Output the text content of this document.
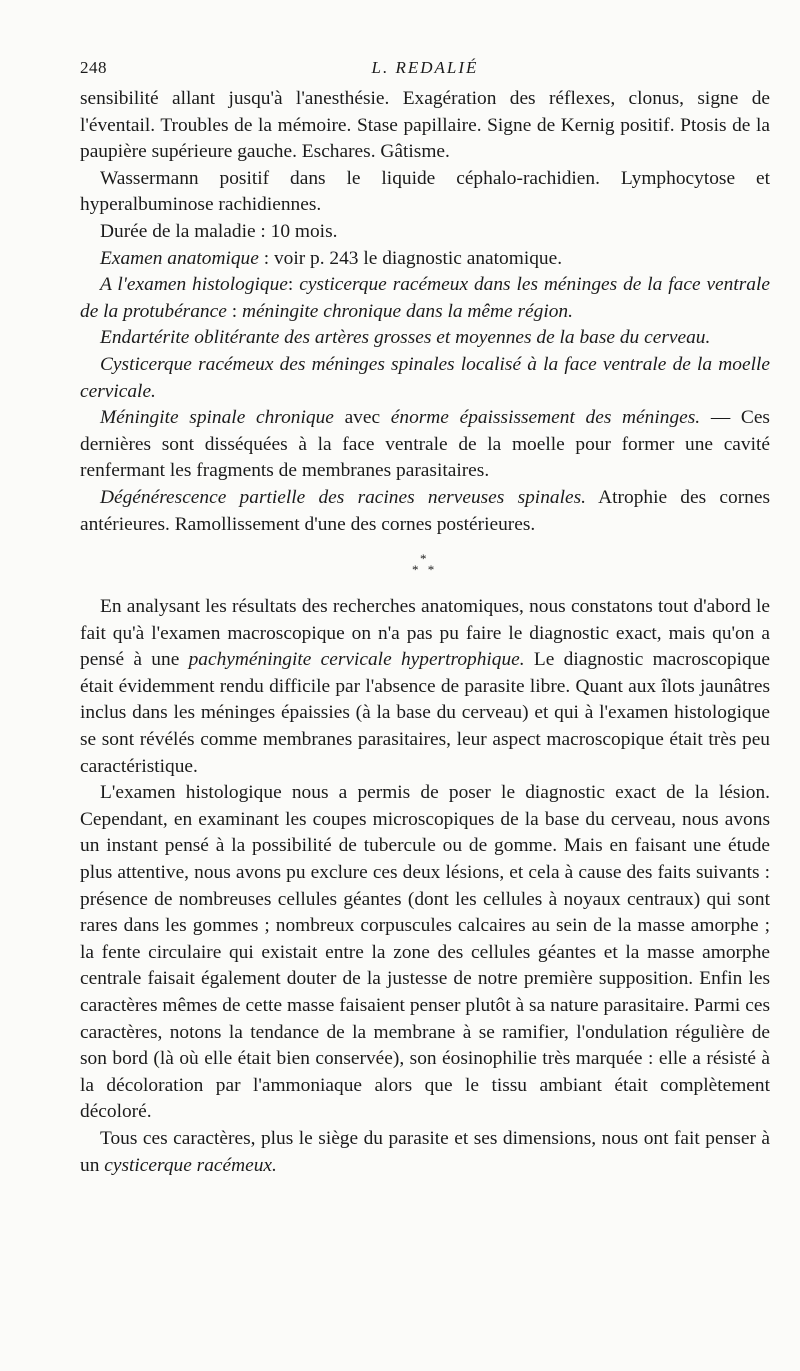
248	L. REDALIÉ

sensibilité allant jusqu'à l'anesthésie. Exagération des réflexes, clonus, signe de l'éventail. Troubles de la mémoire. Stase papillaire. Signe de Kernig positif. Ptosis de la paupière supérieure gauche. Eschares. Gâtisme.

Wassermann positif dans le liquide céphalo-rachidien. Lymphocytose et hyperalbuminose rachidiennes.

Durée de la maladie : 10 mois.

Examen anatomique : voir p. 243 le diagnostic anatomique.

A l'examen histologique: cysticerque racémeux dans les méninges de la face ventrale de la protubérance : méningite chronique dans la même région.

Endartérite oblitérante des artères grosses et moyennes de la base du cerveau.

Cysticerque racémeux des méninges spinales localisé à la face ventrale de la moelle cervicale.

Méningite spinale chronique avec énorme épaississement des méninges. — Ces dernières sont disséquées à la face ventrale de la moelle pour former une cavité renfermant les fragments de membranes parasitaires.

Dégénérescence partielle des racines nerveuses spinales. Atrophie des cornes antérieures. Ramollissement d'une des cornes postérieures.

*
* *

En analysant les résultats des recherches anatomiques, nous constatons tout d'abord le fait qu'à l'examen macroscopique on n'a pas pu faire le diagnostic exact, mais qu'on a pensé à une pachyméningite cervicale hypertrophique. Le diagnostic macroscopique était évidemment rendu difficile par l'absence de parasite libre. Quant aux îlots jaunâtres inclus dans les méninges épaissies (à la base du cerveau) et qui à l'examen histologique se sont révélés comme membranes parasitaires, leur aspect macroscopique était très peu caractéristique.

L'examen histologique nous a permis de poser le diagnostic exact de la lésion. Cependant, en examinant les coupes microscopiques de la base du cerveau, nous avons un instant pensé à la possibilité de tubercule ou de gomme. Mais en faisant une étude plus attentive, nous avons pu exclure ces deux lésions, et cela à cause des faits suivants : présence de nombreuses cellules géantes (dont les cellules à noyaux centraux) qui sont rares dans les gommes ; nombreux corpuscules calcaires au sein de la masse amorphe ; la fente circulaire qui existait entre la zone des cellules géantes et la masse amorphe centrale faisait également douter de la justesse de notre première supposition. Enfin les caractères mêmes de cette masse faisaient penser plutôt à sa nature parasitaire. Parmi ces caractères, notons la tendance de la membrane à se ramifier, l'ondulation régulière de son bord (là où elle était bien conservée), son éosinophilie très marquée : elle a résisté à la décoloration par l'ammoniaque alors que le tissu ambiant était complètement décoloré.

Tous ces caractères, plus le siège du parasite et ses dimensions, nous ont fait penser à un cysticerque racémeux.
